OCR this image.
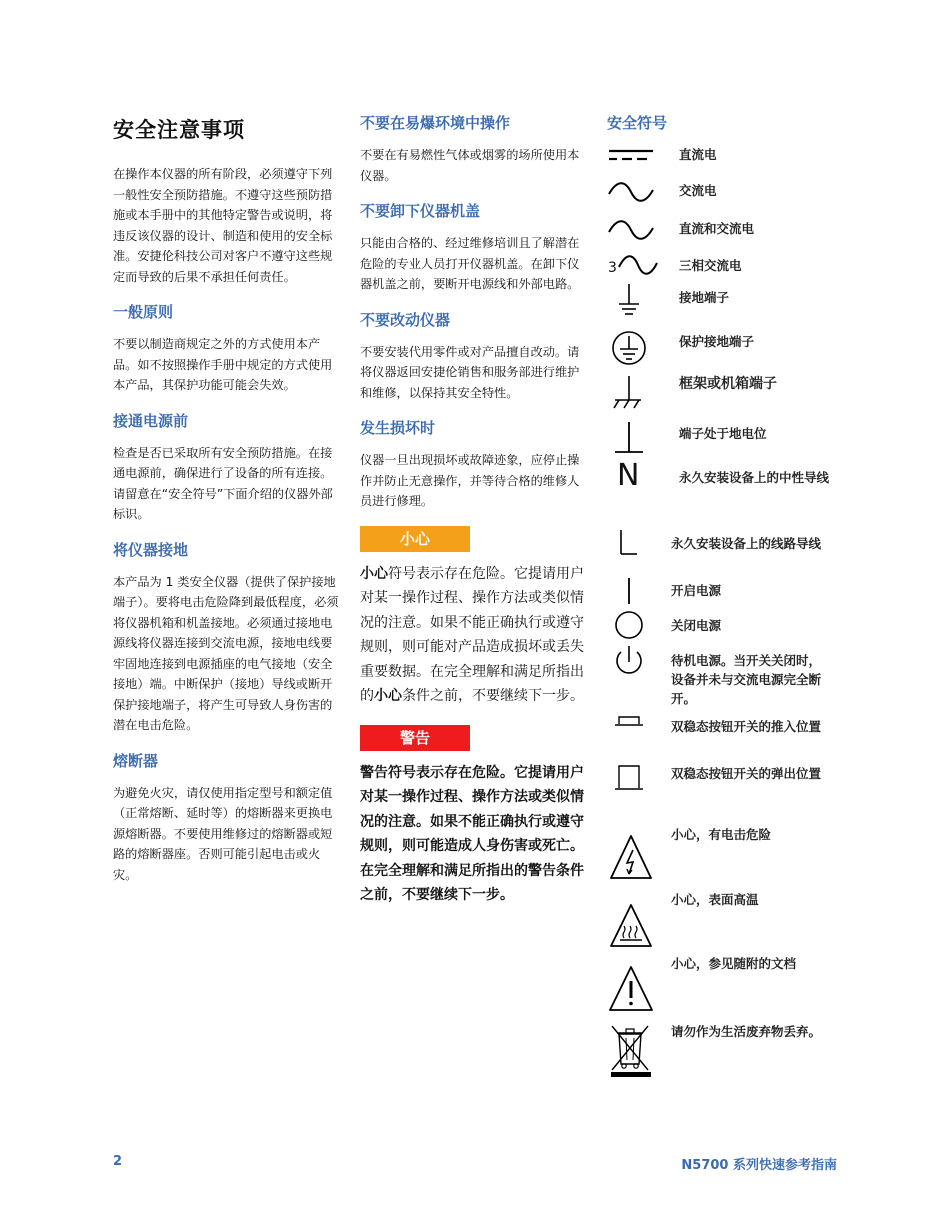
安全注意事项
在操作本仪器的所有阶段，必须遵守下列一般性安全预防措施。不遵守这些预防措施或本手册中的其他特定警告或说明，将违反该仪器的设计、制造和使用的安全标准。安捷伦科技公司对客户不遵守这些规定而导致的后果不承担任何责任。
一般原则
不要以制造商规定之外的方式使用本产品。如不按照操作手册中规定的方式使用本产品，其保护功能可能会失效。
接通电源前
检查是否已采取所有安全预防措施。在接通电源前，确保进行了设备的所有连接。请留意在“安全符号”下面介绍的仪器外部标识。
将仪器接地
本产品为 1 类安全仪器（提供了保护接地端子）。要将电击危险降到最低程度，必须将仪器机箱和机盖接地。必须通过接地电源线将仪器连接到交流电源，接地电线要牢固地连接到电源插座的电气接地（安全接地）端。中断保护（接地）导线或断开保护接地端子，将产生可导致人身伤害的潜在电击危险。
熔断器
为避免火灾，请仅使用指定型号和额定值（正常熔断、延时等）的熔断器来更换电源熔断器。不要使用维修过的熔断器或短路的熔断器座。否则可能引起电击或火灾。
不要在易爆环境中操作
不要在有易燃性气体或烟雾的场所使用本仪器。
不要卸下仪器机盖
只能由合格的、经过维修培训且了解潜在危险的专业人员打开仪器机盖。在卸下仪器机盖之前，要断开电源线和外部电路。
不要改动仪器
不要安装代用零件或对产品擅自改动。请将仪器返回安捷伦销售和服务部进行维护和维修，以保持其安全特性。
发生损坏时
仪器一旦出现损坏或故障迹象，应停止操作并防止无意操作，并等待合格的维修人员进行修理。
小心
小心符号表示存在危险。它提请用户对某一操作过程、操作方法或类似情况的注意。如果不能正确执行或遵守规则，则可能对产品造成损坏或丢失重要数据。在完全理解和满足所指出的小心条件之前，不要继续下一步。
警告
警告符号表示存在危险。它提请用户对某一操作过程、操作方法或类似情况的注意。如果不能正确执行或遵守规则，则可能造成人身伤害或死亡。在完全理解和满足所指出的警告条件之前，不要继续下一步。
安全符号
直流电
交流电
直流和交流电
3	三相交流电
接地端子
保护接地端子
框架或机箱端子
端子处于地电位
N	永久安装设备上的中性导线
永久安装设备上的线路导线
开启电源
关闭电源
待机电源。当开关关闭时，设备并未与交流电源完全断开。
双稳态按钮开关的推入位置
双稳态按钮开关的弹出位置
小心，有电击危险
小心，表面高温
小心，参见随附的文档
请勿作为生活废弃物丢弃。
2	N5700 系列快速参考指南
